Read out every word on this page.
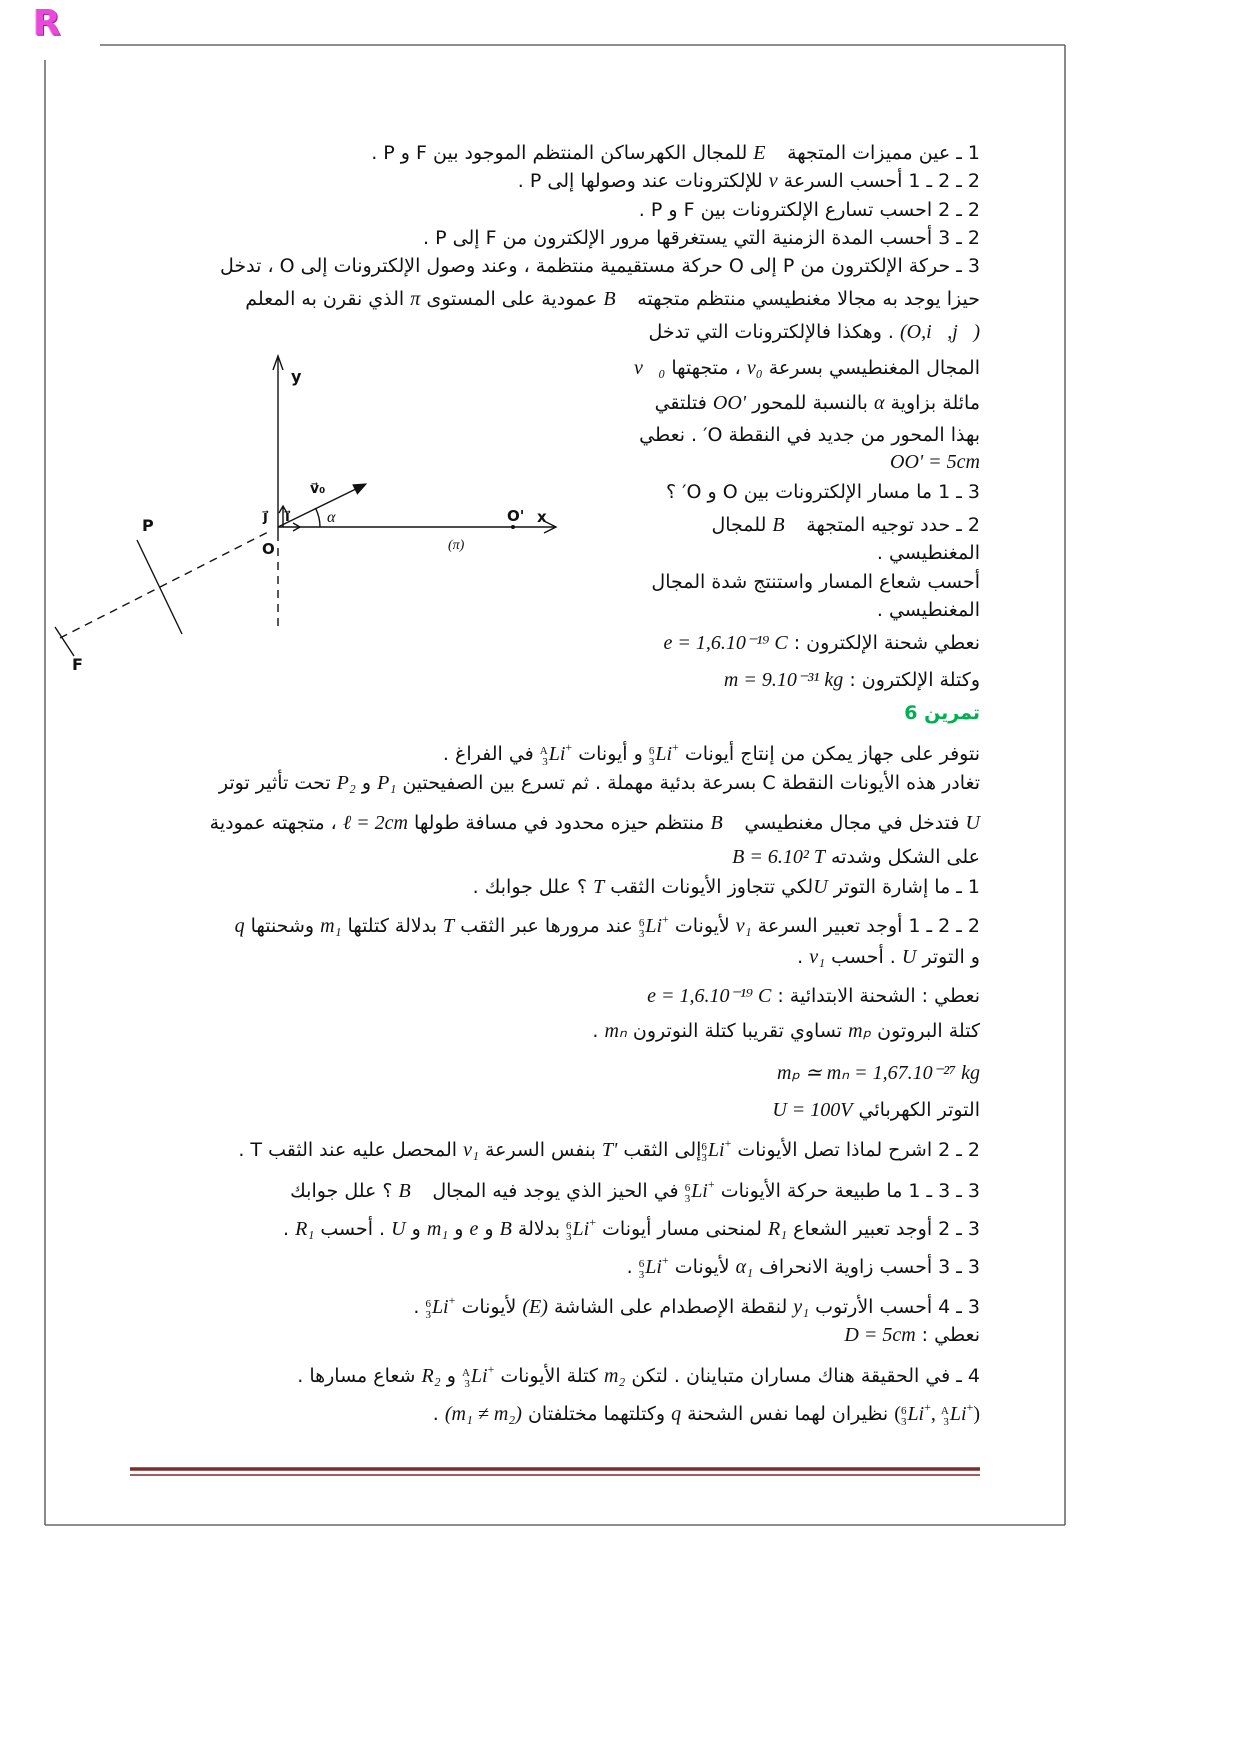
R
1 ـ عين مميزات المتجهة E⃗ للمجال الكهرساكن المنتظم الموجود بين F و P .
2 ـ 2 ـ 1 أحسب السرعة v للإلكترونات عند وصولها إلى P .
2 ـ 2 احسب تسارع الإلكترونات بين F و P .
2 ـ 3 أحسب المدة الزمنية التي يستغرقها مرور الإلكترون من F إلى P .
3 ـ حركة الإلكترون من P إلى O حركة مستقيمية منتظمة ، وعند وصول الإلكترونات إلى O ، تدخل
حيزا يوجد به مجالا مغنطيسي منتظم متجهته B⃗ عمودية على المستوى π الذي نقرن به المعلم
(O,i⃗,j⃗) . وهكذا فالإلكترونات التي تدخل
المجال المغنطيسي بسرعة v₀ ، متجهتها v⃗₀
مائلة بزاوية α بالنسبة للمحور OO' فتلتقي
بهذا المحور من جديد في النقطة O′ . نعطي
OO' = 5cm
3 ـ 1 ما مسار الإلكترونات بين O و O′ ؟
2 ـ حدد توجيه المتجهة B⃗ للمجال
المغنطيسي .
أحسب شعاع المسار واستنتج شدة المجال
المغنطيسي .
نعطي شحنة الإلكترون : e = 1,6.10⁻¹⁹ C
وكتلة الإلكترون : m = 9.10⁻³¹ kg
تمرين 6
نتوفر على جهاز يمكن من إنتاج أيونات
6
3 Li+ و أيونات
A
3 Li+ في الفراغ .
تغادر هذه الأيونات النقطة C بسرعة بدئية مهملة . ثم تسرع بين الصفيحتين P₁ و P₂ تحت تأثير توتر
U فتدخل في مجال مغنطيسي B⃗ منتظم حيزه محدود في مسافة طولها ℓ = 2cm ، متجهته عمودية
على الشكل وشدته B = 6.10² T
1 ـ ما إشارة التوتر Uلكي تتجاوز الأيونات الثقب T ؟ علل جوابك .
2 ـ 2 ـ 1 أوجد تعبير السرعة v₁ لأيونات
6
3 Li+ عند مرورها عبر الثقب T بدلالة كتلتها m₁ وشحنتها q
و التوتر U . أحسب v₁ .
نعطي : الشحنة الابتدائية : e = 1,6.10⁻¹⁹ C
كتلة البروتون mₚ تساوي تقريبا كتلة النوترون mₙ .
mₚ ≃ mₙ = 1,67.10⁻²⁷ kg
التوتر الكهربائي U = 100V
2 ـ 2 اشرح لماذا تصل الأيونات
6
3 Li+إلى الثقب T' بنفس السرعة v₁ المحصل عليه عند الثقب T .
3 ـ 3 ـ 1 ما طبيعة حركة الأيونات
6
3 Li+ في الحيز الذي يوجد فيه المجال B⃗ ؟ علل جوابك
3 ـ 2 أوجد تعبير الشعاع R₁ لمنحنى مسار أيونات
6
3 Li+ بدلالة B و e و m₁ و U . أحسب R₁ .
3 ـ 3 أحسب زاوية الانحراف α₁ لأيونات
6
3 Li+ .
3 ـ 4 أحسب الأرتوب y₁ لنقطة الإصطدام على الشاشة (E) لأيونات
6
3 Li+ .
نعطي : D = 5cm
4 ـ في الحقيقة هناك مساران متباينان . لتكن m₂ كتلة الأيونات
A
3 Li+ و R₂ شعاع مسارها .
( 6
3 Li+, A
3 Li+) نظيران لهما نفس الشحنة q وكتلتهما مختلفتان (m₁ ≠ m₂) .
y
x
O'
O	(π)
α
v⃗₀
j⃗ i⃗
P
F
